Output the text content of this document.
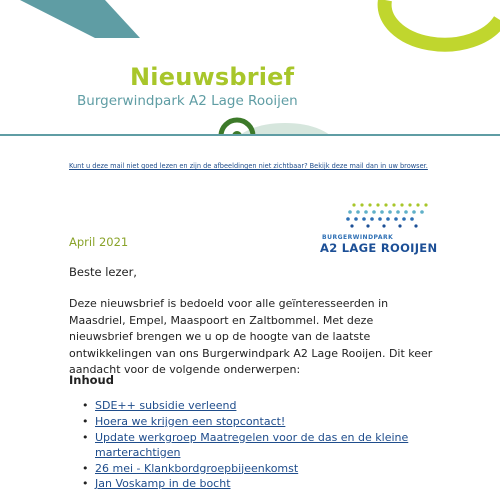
Nieuwsbrief
Burgerwindpark A2 Lage Rooijen
Kunt u deze mail niet goed lezen en zijn de afbeeldingen niet zichtbaar? Bekijk deze mail dan in uw browser.
BURGERWINDPARK
A2 LAGE ROOIJEN
April 2021
Beste lezer,
Deze nieuwsbrief is bedoeld voor alle geïnteresseerden in Maasdriel, Empel, Maaspoort en Zaltbommel. Met deze nieuwsbrief brengen we u op de hoogte van de laatste ontwikkelingen van ons Burgerwindpark A2 Lage Rooijen. Dit keer aandacht voor de volgende onderwerpen:
Inhoud
• SDE++ subsidie verleend
• Hoera we krijgen een stopcontact!
• Update werkgroep Maatregelen voor de das en de kleine marterachtigen
• 26 mei - Klankbordgroepbijeenkomst
• Jan Voskamp in de bocht
